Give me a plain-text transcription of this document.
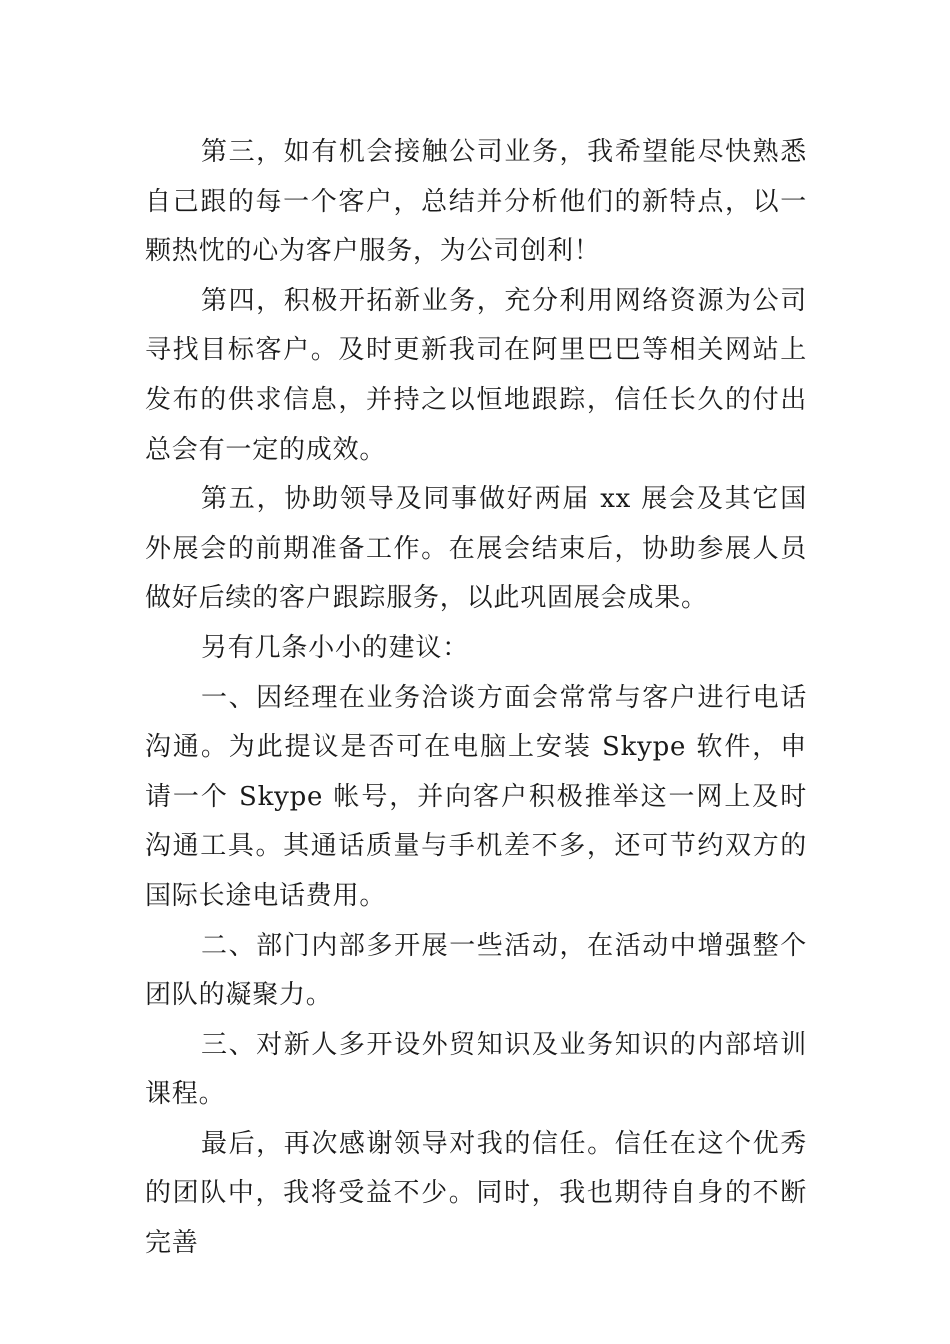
第三，如有机会接触公司业务，我希望能尽快熟悉自己跟的每一个客户，总结并分析他们的新特点，以一颗热忱的心为客户服务，为公司创利！

第四，积极开拓新业务，充分利用网络资源为公司寻找目标客户。及时更新我司在阿里巴巴等相关网站上发布的供求信息，并持之以恒地跟踪，信任长久的付出总会有一定的成效。

第五，协助领导及同事做好两届 xx 展会及其它国外展会的前期准备工作。在展会结束后，协助参展人员做好后续的客户跟踪服务，以此巩固展会成果。

另有几条小小的建议：

一、因经理在业务洽谈方面会常常与客户进行电话沟通。为此提议是否可在电脑上安装 Skype 软件，申请一个 Skype 帐号，并向客户积极推举这一网上及时沟通工具。其通话质量与手机差不多，还可节约双方的国际长途电话费用。

二、部门内部多开展一些活动，在活动中增强整个团队的凝聚力。

三、对新人多开设外贸知识及业务知识的内部培训课程。

最后，再次感谢领导对我的信任。信任在这个优秀的团队中，我将受益不少。同时，我也期待自身的不断完善
